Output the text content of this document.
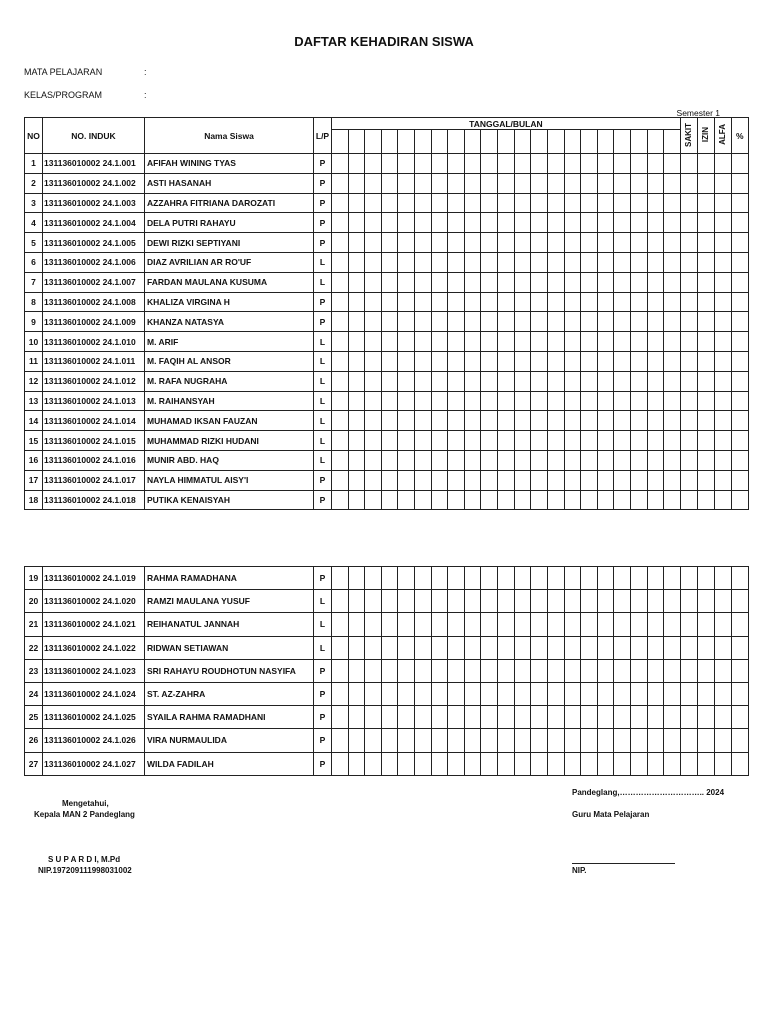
DAFTAR KEHADIRAN SISWA
MATA PELAJARAN	:
KELAS/PROGRAM	:
Semester 1
NO	NO. INDUK	Nama Siswa	L/P	TANGGAL/BULAN																					SAKIT	IZIN	ALFA	%

1	131136010002 24.1.001	AFIFAH WINING TYAS	P																									
2	131136010002 24.1.002	ASTI HASANAH	P																									
3	131136010002 24.1.003	AZZAHRA FITRIANA DAROZATI	P																									
4	131136010002 24.1.004	DELA PUTRI RAHAYU	P																									
5	131136010002 24.1.005	DEWI RIZKI SEPTIYANI	P																									
6	131136010002 24.1.006	DIAZ AVRILIAN AR RO'UF	L																									
7	131136010002 24.1.007	FARDAN MAULANA KUSUMA	L																									
8	131136010002 24.1.008	KHALIZA VIRGINA H	P																									
9	131136010002 24.1.009	KHANZA NATASYA	P																									
10	131136010002 24.1.010	M. ARIF	L																									
11	131136010002 24.1.011	M. FAQIH AL ANSOR	L																									
12	131136010002 24.1.012	M. RAFA NUGRAHA	L																									
13	131136010002 24.1.013	M. RAIHANSYAH	L																									
14	131136010002 24.1.014	MUHAMAD IKSAN FAUZAN	L																									
15	131136010002 24.1.015	MUHAMMAD RIZKI HUDANI	L																									
16	131136010002 24.1.016	MUNIR ABD. HAQ	L																									
17	131136010002 24.1.017	NAYLA HIMMATUL AISY'I	P																									
18	131136010002 24.1.018	PUTIKA KENAISYAH	P																									
19	131136010002 24.1.019	RAHMA RAMADHANA	P																									
20	131136010002 24.1.020	RAMZI MAULANA YUSUF	L																									
21	131136010002 24.1.021	REIHANATUL JANNAH	L																									
22	131136010002 24.1.022	RIDWAN SETIAWAN	L																									
23	131136010002 24.1.023	SRI RAHAYU ROUDHOTUN NASYIFA	P																									
24	131136010002 24.1.024	ST. AZ-ZAHRA	P																									
25	131136010002 24.1.025	SYAILA RAHMA RAMADHANI	P																									
26	131136010002 24.1.026	VIRA NURMAULIDA	P																									
27	131136010002 24.1.027	WILDA FADILAH	P																									
Mengetahui,
Kepala MAN 2 Pandeglang
S U P A R D I, M.Pd
NIP.197209111998031002
Pandeglang,………………………….. 2024
Guru Mata Pelajaran
NIP.
